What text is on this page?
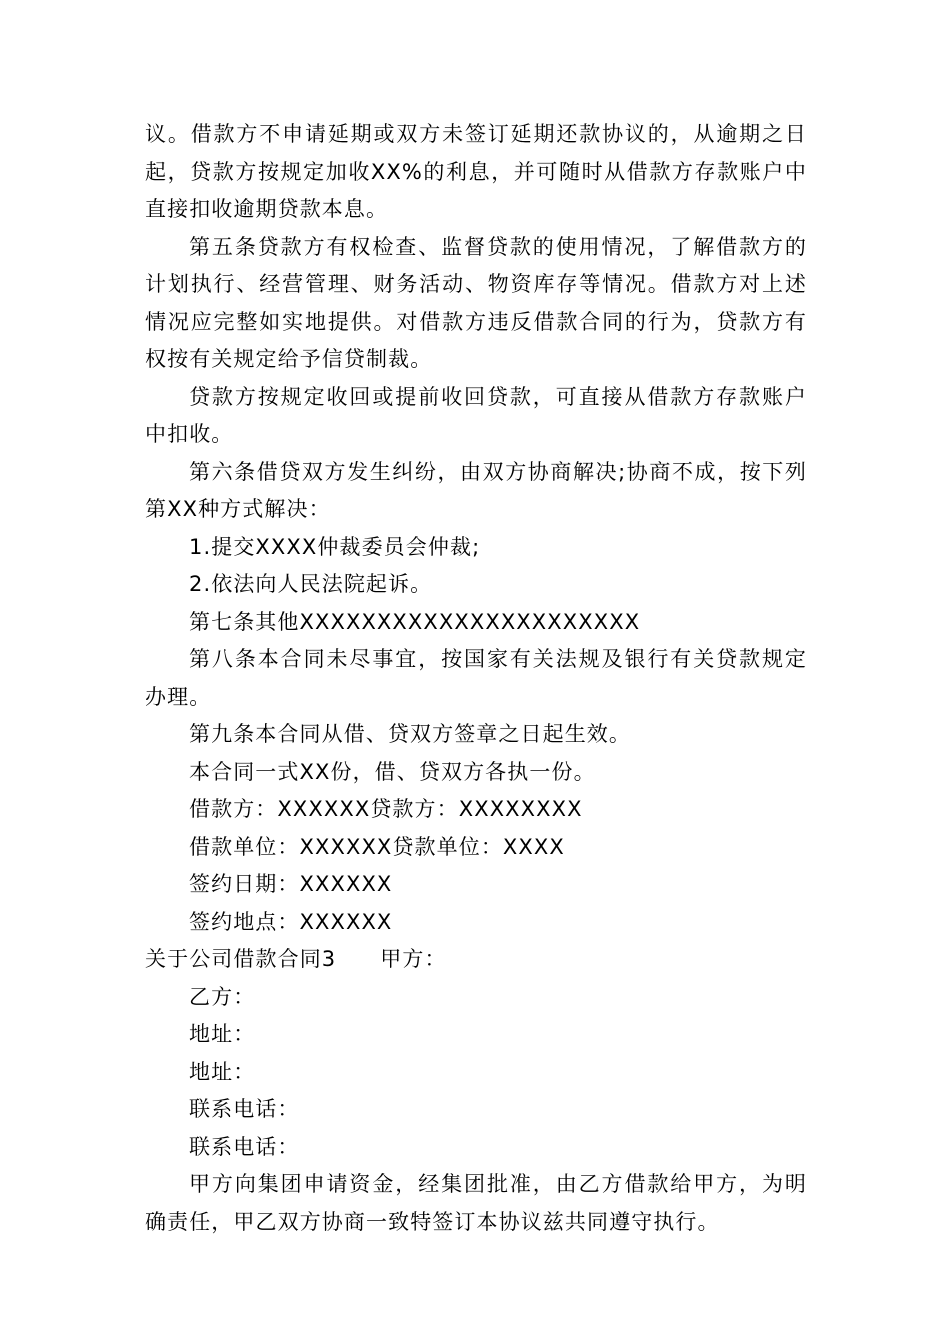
议。借款方不申请延期或双方未签订延期还款协议的，从逾期之日起，贷款方按规定加收XX%的利息，并可随时从借款方存款账户中直接扣收逾期贷款本息。

第五条贷款方有权检查、监督贷款的使用情况，了解借款方的计划执行、经营管理、财务活动、物资库存等情况。借款方对上述情况应完整如实地提供。对借款方违反借款合同的行为，贷款方有权按有关规定给予信贷制裁。

贷款方按规定收回或提前收回贷款，可直接从借款方存款账户中扣收。

第六条借贷双方发生纠纷，由双方协商解决;协商不成，按下列第XX种方式解决：

1.提交XXXX仲裁委员会仲裁;

2.依法向人民法院起诉。

第七条其他XXXXXXXXXXXXXXXXXXXXXX

第八条本合同未尽事宜，按国家有关法规及银行有关贷款规定办理。

第九条本合同从借、贷双方签章之日起生效。

本合同一式XX份，借、贷双方各执一份。

借款方：XXXXXX贷款方：XXXXXXXX

借款单位：XXXXXX贷款单位：XXXX

签约日期：XXXXXX

签约地点：XXXXXX

关于公司借款合同3 甲方：

乙方：

地址：

地址：

联系电话：

联系电话：

甲方向集团申请资金，经集团批准，由乙方借款给甲方，为明确责任，甲乙双方协商一致特签订本协议兹共同遵守执行。
